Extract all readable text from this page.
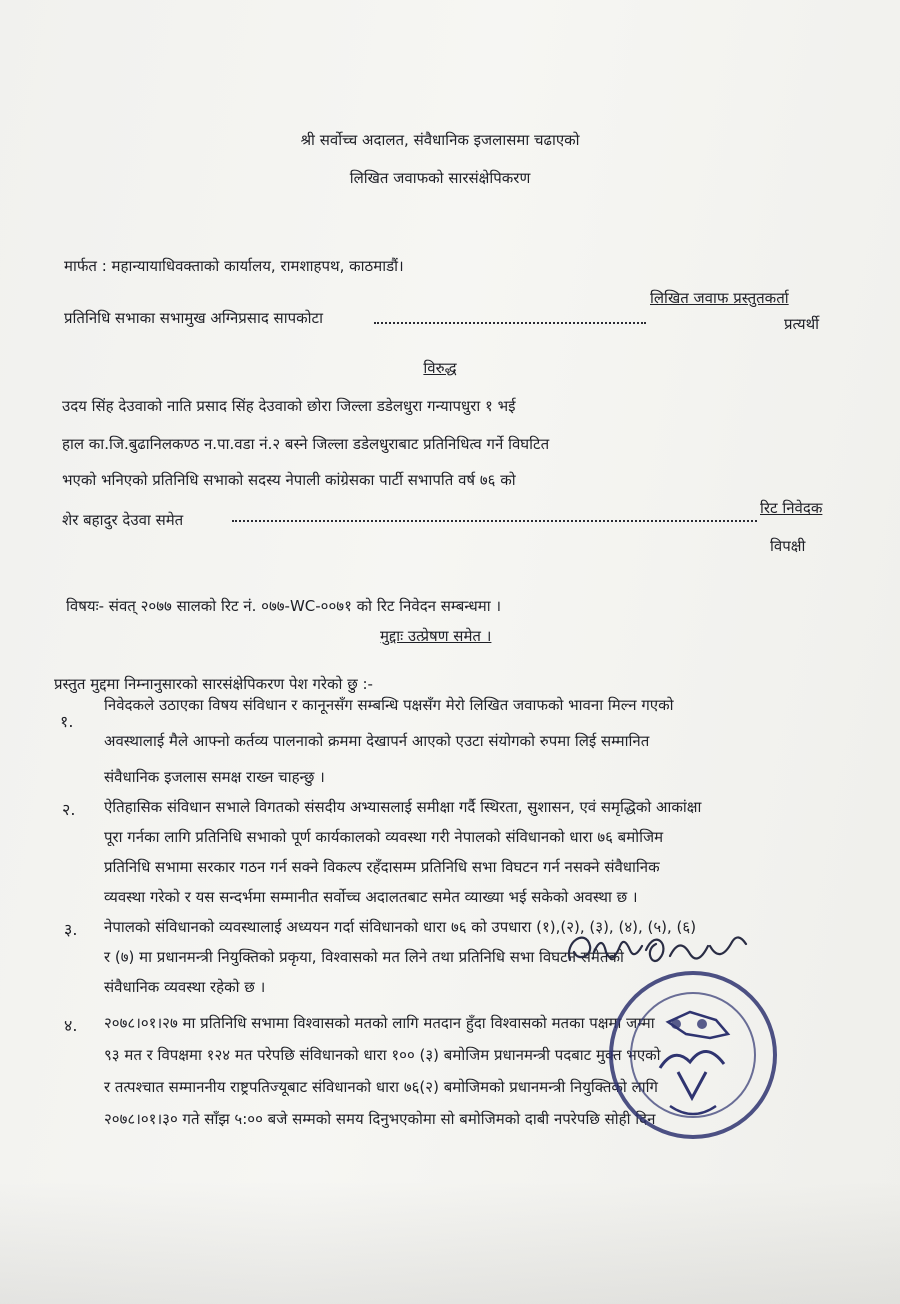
श्री सर्वोच्च अदालत, संवैधानिक इजलासमा चढाएको
लिखित जवाफको सारसंक्षेपिकरण
मार्फत : महान्यायाधिवक्ताको कार्यालय, रामशाहपथ, काठमाडौं।
प्रतिनिधि सभाका सभामुख अग्निप्रसाद सापकोटा
लिखित जवाफ प्रस्तुतकर्ता
प्रत्यर्थी
विरुद्ध
उदय सिंह देउवाको नाति प्रसाद सिंह देउवाको छोरा जिल्ला डडेलधुरा गन्यापधुरा १ भई
हाल का.जि.बुढानिलकण्ठ न.पा.वडा नं.२ बस्ने जिल्ला डडेलधुराबाट प्रतिनिधित्व गर्ने विघटित
भएको भनिएको प्रतिनिधि सभाको सदस्य नेपाली कांग्रेसका पार्टी सभापति वर्ष ७६ को
शेर बहादुर देउवा समेत
रिट निवेदक
विपक्षी
विषयः- संवत् २०७७ सालको रिट नं. ०७७-WC-००७१ को रिट निवेदन सम्बन्धमा ।
मुद्दाः उत्प्रेषण समेत ।
प्रस्तुत मुद्दमा निम्नानुसारको सारसंक्षेपिकरण पेश गरेको छु :-
१.
निवेदकले उठाएका विषय संविधान र कानूनसँग सम्बन्धि पक्षसँग मेरो लिखित जवाफको भावना मिल्न गएको
अवस्थालाई मैले आफ्नो कर्तव्य पालनाको क्रममा देखापर्न आएको एउटा संयोगको रुपमा लिई सम्मानित
संवैधानिक इजलास समक्ष राख्न चाहन्छु ।
२. ऐतिहासिक संविधान सभाले विगतको संसदीय अभ्यासलाई समीक्षा गर्दै स्थिरता, सुशासन, एवं समृद्धिको आकांक्षा
पूरा गर्नका लागि प्रतिनिधि सभाको पूर्ण कार्यकालको व्यवस्था गरी नेपालको संविधानको धारा ७६ बमोजिम
प्रतिनिधि सभामा सरकार गठन गर्न सक्ने विकल्प रहँदासम्म प्रतिनिधि सभा विघटन गर्न नसक्ने संवैधानिक
व्यवस्था गरेको र यस सन्दर्भमा सम्मानीत सर्वोच्च अदालतबाट समेत व्याख्या भई सकेको अवस्था छ ।
३. नेपालको संविधानको व्यवस्थालाई अध्ययन गर्दा संविधानको धारा ७६ को उपधारा (१),(२), (३), (४), (५), (६)
र (७) मा प्रधानमन्त्री नियुक्तिको प्रकृया, विश्वासको मत लिने तथा प्रतिनिधि सभा विघटन समेतको
संवैधानिक व्यवस्था रहेको छ ।
४. २०७८।०१।२७ मा प्रतिनिधि सभामा विश्वासको मतको लागि मतदान हुँदा विश्वासको मतका पक्षमा जम्मा
९३ मत र विपक्षमा १२४ मत परेपछि संविधानको धारा १०० (३) बमोजिम प्रधानमन्त्री पदबाट मुक्त भएको
र तत्पश्चात सम्माननीय राष्ट्रपतिज्यूबाट संविधानको धारा ७६(२) बमोजिमको प्रधानमन्त्री नियुक्तिको लागि
२०७८।०१।३० गते साँझ ५:०० बजे सम्मको समय दिनुभएकोमा सो बमोजिमको दाबी नपरेपछि सोही दिन
